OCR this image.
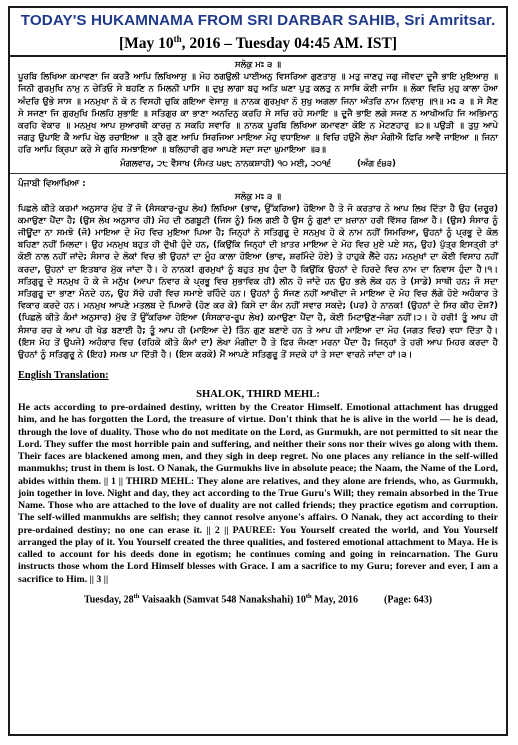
TODAY'S HUKAMNAMA FROM SRI DARBAR SAHIB, Sri Amritsar.
[May 10th, 2016 – Tuesday 04:45 AM. IST]
ਸਲੋਕੁ ਮਃ ੩ ॥

ਪੂਰਬਿ ਲਿਖਿਆ ਕਮਾਵਣਾ ਜਿ ਕਰਤੈ ਆਪਿ ਲਿਖਿਆਸੁ ॥ ਮੋਹ ਠਗਉਲੀ ਪਾਈਅਨੁ ਵਿਸਰਿਆ ਗੁਣਤਾਸੁ ॥ ਮਤੁ ਜਾਣਹੁ ਜਗੁ ਜੀਵਦਾ ਦੂਜੈ ਭਾਇ ਮੁਇਆਸੁ ॥ ਜਿਨੀ ਗੁਰਮੁਖਿ ਨਾਮੁ ਨ ਚੇਤਿਓ ਸੇ ਬਹਣਿ ਨ ਮਿਲਨੀ ਪਾਸਿ ॥ ਦੁਖੁ ਲਾਗਾ ਬਹੁ ਅਤਿ ਘਣਾ ਪੁਤੁ ਕਲਤੁ ਨ ਸਾਥਿ ਕੋਈ ਜਾਸਿ ॥ ਲੋਕਾ ਵਿਚਿ ਮੁਹੁ ਕਾਲਾ ਹੋਆ ਅੰਦਰਿ ਉਭੇ ਸਾਸ ॥ ਮਨਮੁਖਾ ਨੋ ਕੋ ਨ ਵਿਸਹੀ ਚੁਕਿ ਗਇਆ ਵੇਸਾਸੁ ॥ ਨਾਨਕ ਗੁਰਮੁਖਾ ਨੋ ਸੁਖੁ ਅਗਲਾ ਜਿਨਾ ਅੰਤਰਿ ਨਾਮ ਨਿਵਾਸੁ ॥੧॥ ਮਃ ੩ ॥ ਸੇ ਸੈਣ ਸੇ ਸਜਣਾ ਜਿ ਗੁਰਮੁਖਿ ਮਿਲਹਿ ਸੁਭਾਇ ॥ ਸਤਿਗੁਰ ਕਾ ਭਾਣਾ ਅਨਦਿਨੁ ਕਰਹਿ ਸੇ ਸਚਿ ਰਹੇ ਸਮਾਇ ॥ ਦੂਜੈ ਭਾਇ ਲਗੇ ਸਜਣ ਨ ਆਖੀਅਹਿ ਜਿ ਅਭਿਮਾਨੁ ਕਰਹਿ ਵੇਕਾਰ ॥ ਮਨਮੁਖ ਆਪ ਸੁਆਰਥੀ ਕਾਰਜੁ ਨ ਸਕਹਿ ਸਵਾਰਿ ॥ ਨਾਨਕ ਪੂਰਬਿ ਲਿਖਿਆ ਕਮਾਵਣਾ ਕੋਇ ਨ ਮੇਟਣਹਾਰੁ ॥੨॥ ਪਉੜੀ ॥ ਤੁਧੁ ਆਪੇ ਜਗਤੁ ਉਪਾਇ ਕੈ ਆਪਿ ਖੇਲੁ ਰਚਾਇਆ ॥ ਤ੍ਰੈ ਗੁਣ ਆਪਿ ਸਿਰਜਿਆ ਮਾਇਆ ਮੋਹੁ ਵਧਾਇਆ ॥ ਵਿਚਿ ਹਉਮੈ ਲੇਖਾ ਮੰਗੀਐ ਫਿਰਿ ਆਵੈ ਜਾਇਆ ॥ ਜਿਨਾ ਹਰਿ ਆਪਿ ਕ੍ਰਿਪਾ ਕਰੇ ਸੇ ਗੁਰਿ ਸਮਝਾਇਆ ॥ ਬਲਿਹਾਰੀ ਗੁਰ ਆਪਣੇ ਸਦਾ ਸਦਾ ਘੁਮਾਇਆ ॥੩॥

ਮੰਗਲਵਾਰ, ੨੮ ਵੈਸਾਖ (ਸੰਮਤ ੫੪੮ ਨਾਨਕਸ਼ਾਹੀ) ੧੦ ਮਈ, ੨੦੧੬	(ਅੰਗ ੬੪੩)
ਪੰਜਾਬੀ ਵਿਆਖਿਆ :
ਸਲੋਕੁ ਮਃ ੩ ॥

ਪਿਛਲੇ ਕੀਤੇ ਕਰਮਾਂ ਅਨੁਸਾਰ ਮੁੱਢ ਤੋਂ ਜੋ (ਸੰਸਕਾਰ-ਰੂਪ ਲੇਖ) ਲਿਖਿਆ (ਭਾਵ, ਉੱਕਰਿਆ) ਹੋਇਆ ਹੈ ਤੇ ਜੋ ਕਰਤਾਰ ਨੇ ਆਪ ਲਿਖ ਦਿੱਤਾ ਹੈ ਉਹ (ਜ਼ਰੂਰ) ਕਮਾਉਣਾ ਪੈਂਦਾ ਹੈ; (ਉਸ ਲੇਖ ਅਨੁਸਾਰ ਹੀ) ਮੋਹ ਦੀ ਠਗਬੂਟੀ (ਜਿਸ ਨੂੰ) ਮਿਲ ਗਈ ਹੈ ਉਸ ਨੂੰ ਗੁਣਾਂ ਦਾ ਖ਼ਜ਼ਾਨਾ ਹਰੀ ਵਿੱਸਰ ਗਿਆ ਹੈ। (ਉਸ) ਸੰਸਾਰ ਨੂੰ ਜੀਊਂਦਾ ਨਾ ਸਮਝੋ (ਜੋ) ਮਾਇਆ ਦੇ ਮੋਹ ਵਿਚ ਮੁਇਆ ਪਿਆ ਹੈ; ਜਿਨ੍ਹਾਂ ਨੇ ਸਤਿਗੁਰੂ ਦੇ ਸਨਮੁਖ ਹੋ ਕੇ ਨਾਮ ਨਹੀਂ ਸਿਮਰਿਆ, ਉਹਨਾਂ ਨੂੰ ਪ੍ਰਭੂ ਦੇ ਕੋਲ ਬਹਿਣਾ ਨਹੀਂ ਮਿਲਦਾ। ਉਹ ਮਨਮੁਖ ਬਹੁਤ ਹੀ ਦੁੱਖੀ ਹੁੰਦੇ ਹਨ, (ਕਿਉਂਕਿ ਜਿਨ੍ਹਾਂ ਦੀ ਖ਼ਾਤਰ ਮਾਇਆ ਦੇ ਮੋਹ ਵਿਚ ਮੁਏ ਪਏ ਸਨ, ਉਹ) ਪੁੱਤ੍ਰ ਇਸਤ੍ਰੀ ਤਾਂ ਕੋਈ ਨਾਲ ਨਹੀਂ ਜਾਂਦੇ; ਸੰਸਾਰ ਦੇ ਲੋਕਾਂ ਵਿਚ ਭੀ ਉਹਨਾਂ ਦਾ ਮੂੰਹ ਕਾਲਾ ਹੋਇਆ (ਭਾਵ, ਸ਼ਰਮਿੰਦੇ ਹੋਏ) ਤੇ ਹਾਹੁਕੇ ਲੈਂਦੇ ਹਨ; ਮਨਮੁਖਾਂ ਦਾ ਕੋਈ ਵਿਸਾਹ ਨਹੀਂ ਕਰਦਾ, ਉਹਨਾਂ ਦਾ ਇਤਬਾਰ ਮੁੱਕ ਜਾਂਦਾ ਹੈ। ਹੇ ਨਾਨਕ! ਗੁਰਮੁਖਾਂ ਨੂੰ ਬਹੁਤ ਸੁਖ ਹੁੰਦਾ ਹੈ ਕਿਉਂਕਿ ਉਹਨਾਂ ਦੇ ਹਿਰਦੇ ਵਿਚ ਨਾਮ ਦਾ ਨਿਵਾਸ ਹੁੰਦਾ ਹੈ।੧। ਸਤਿਗੁਰੂ ਦੇ ਸਨਮੁਖ ਹੋ ਕੇ ਜੋ ਮਨੁੱਖ (ਆਪਾ ਨਿਵਾਰ ਕੇ ਪ੍ਰਭੂ ਵਿਚ ਸੁਭਾਵਿਕ ਹੀ) ਲੀਨ ਹੋ ਜਾਂਦੇ ਹਨ ਉਹ ਭਲੇ ਲੋਕ ਹਨ ਤੇ (ਸਾਡੇ) ਸਾਥੀ ਹਨ; ਜੋ ਸਦਾ ਸਤਿਗੁਰੂ ਦਾ ਭਾਣਾ ਮੰਨਦੇ ਹਨ, ਉਹ ਸੱਚੇ ਹਰੀ ਵਿਚ ਸਮਾਏ ਰਹਿੰਦੇ ਹਨ। ਉਹਨਾਂ ਨੂੰ ਸੱਜਣ ਨਹੀਂ ਆਖੀਦਾ ਜੋ ਮਾਇਆ ਦੇ ਮੋਹ ਵਿਚ ਲੱਗੇ ਹੋਏ ਅਹੰਕਾਰ ਤੇ ਵਿਕਾਰ ਕਰਦੇ ਹਨ। ਮਨਮੁਖ ਆਪਣੇ ਮਤਲਬ ਦੇ ਪਿਆਰੇ (ਹੋਣ ਕਰ ਕੇ) ਕਿਸੇ ਦਾ ਕੰਮ ਨਹੀਂ ਸਵਾਰ ਸਕਦੇ; (ਪਰ) ਹੇ ਨਾਨਕ! (ਉਹਨਾਂ ਦੇ ਸਿਰ ਕੀਹ ਦੋਸ਼?) (ਪਿਛਲੇ ਕੀਤੇ ਕੰਮਾਂ ਅਨੁਸਾਰ) ਮੁੱਢ ਤੋਂ ਉੱਕਰਿਆ ਹੋਇਆ (ਸੰਸਕਾਰ-ਰੂਪ ਲੇਖ) ਕਮਾਉਣਾ ਪੈਂਦਾ ਹੈ, ਕੋਈ ਮਿਟਾਉਣ-ਜੋਗਾ ਨਹੀਂ।੨। ਹੇ ਹਰੀ! ਤੂੰ ਆਪ ਹੀ ਸੰਸਾਰ ਰਚ ਕੇ ਆਪ ਹੀ ਖੇਡ ਬਣਾਈ ਹੈ; ਤੂੰ ਆਪ ਹੀ (ਮਾਇਆ ਦੇ) ਤਿੰਨ ਗੁਣ ਬਣਾਏ ਹਨ ਤੇ ਆਪ ਹੀ ਮਾਇਆ ਦਾ ਮੋਹ (ਜਗਤ ਵਿਚ) ਵਧਾ ਦਿੱਤਾ ਹੈ। (ਇਸ ਮੋਹ ਤੋਂ ਉਪਜੇ) ਅਹੰਕਾਰ ਵਿਚ (ਰਹਿਕੇ ਕੀਤੇ ਕੰਮਾਂ ਦਾ) ਲੇਖਾ ਮੰਗੀਦਾ ਹੈ ਤੇ ਫਿਰ ਜੰਮਣਾ ਮਰਨਾ ਪੈਂਦਾ ਹੈ; ਜਿਨ੍ਹਾਂ ਤੇ ਹਰੀ ਆਪ ਮਿਹਰ ਕਰਦਾ ਹੈ ਉਹਨਾਂ ਨੂੰ ਸਤਿਗੁਰੂ ਨੇ (ਇਹ) ਸਮਝ ਪਾ ਦਿੱਤੀ ਹੈ। (ਇਸ ਕਰਕੇ) ਮੈਂ ਆਪਣੇ ਸਤਿਗੁਰੂ ਤੋਂ ਸਦਕੇ ਹਾਂ ਤੇ ਸਦਾ ਵਾਰਨੇ ਜਾਂਦਾ ਹਾਂ।੩।

English Translation:
SHALOK, THIRD MEHL:

He acts according to pre-ordained destiny, written by the Creator Himself. Emotional attachment has drugged him, and he has forgotten the Lord, the treasure of virtue. Don't think that he is alive in the world — he is dead, through the love of duality. Those who do not meditate on the Lord, as Gurmukh, are not permitted to sit near the Lord. They suffer the most horrible pain and suffering, and neither their sons nor their wives go along with them. Their faces are blackened among men, and they sigh in deep regret. No one places any reliance in the self-willed manmukhs; trust in them is lost. O Nanak, the Gurmukhs live in absolute peace; the Naam, the Name of the Lord, abides within them. || 1 || THIRD MEHL: They alone are relatives, and they alone are friends, who, as Gurmukh, join together in love. Night and day, they act according to the True Guru's Will; they remain absorbed in the True Name. Those who are attached to the love of duality are not called friends; they practice egotism and corruption. The self-willed manmukhs are selfish; they cannot resolve anyone's affairs. O Nanak, they act according to their pre-ordained destiny; no one can erase it. || 2 || PAUREE: You Yourself created the world, and You Yourself arranged the play of it. You Yourself created the three qualities, and fostered emotional attachment to Maya. He is called to account for his deeds done in egotism; he continues coming and going in reincarnation. The Guru instructs those whom the Lord Himself blesses with Grace. I am a sacrifice to my Guru; forever and ever, I am a sacrifice to Him. || 3 ||

Tuesday, 28th Vaisaakh (Samvat 548 Nanakshahi) 10th May, 2016	(Page: 643)
